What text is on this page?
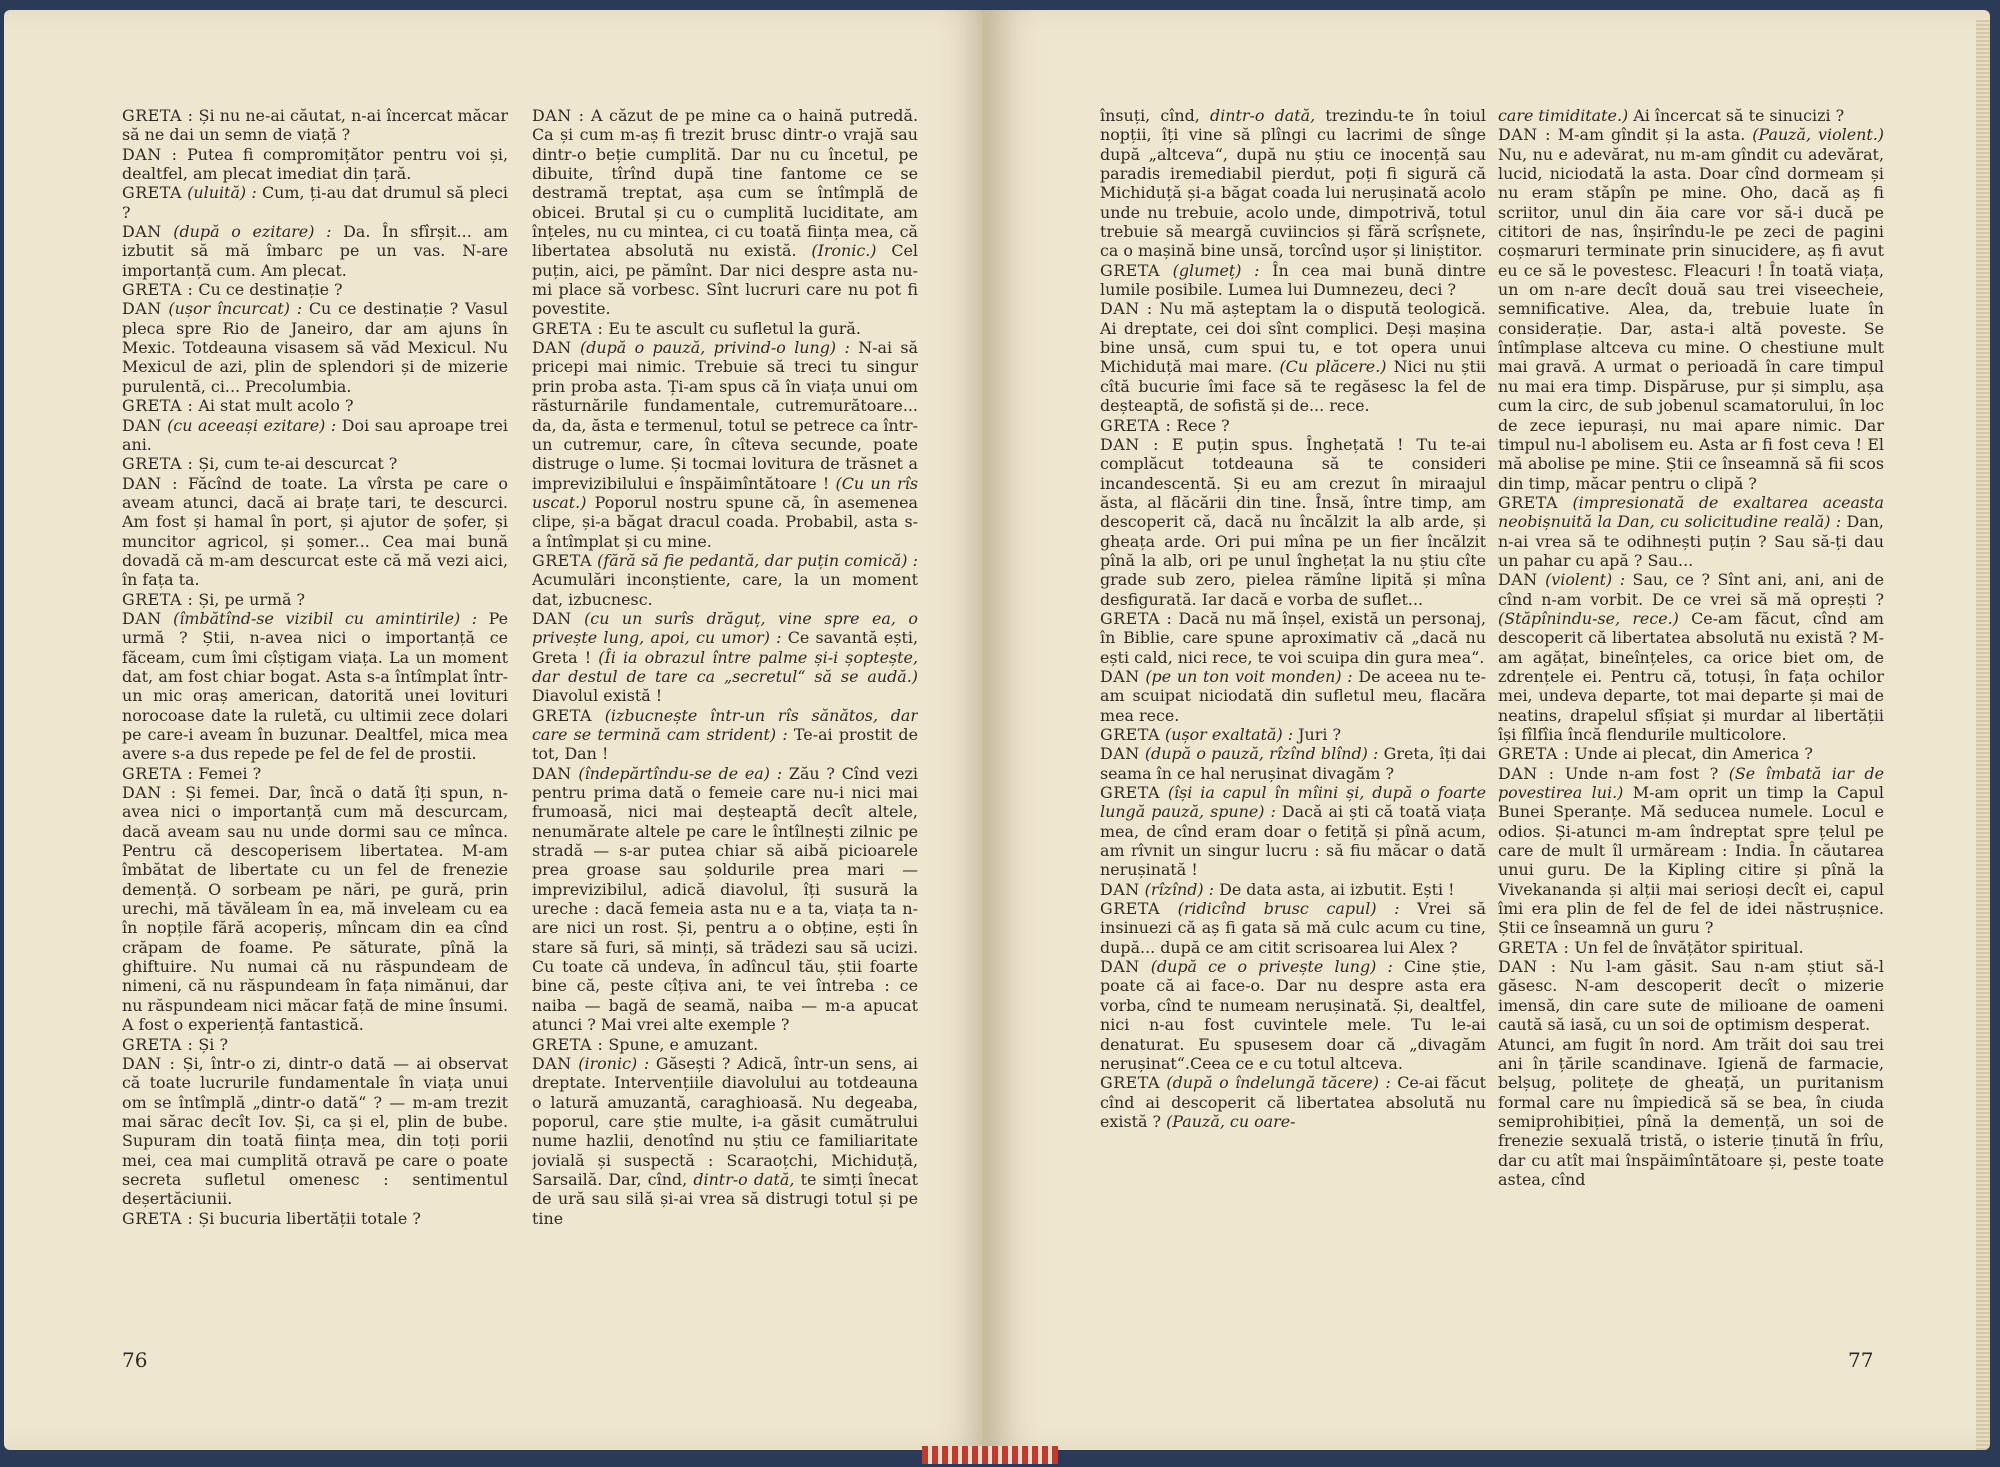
GRETA : Și nu ne-ai căutat, n-ai încercat măcar să ne dai un semn de viață ?

DAN : Putea fi compromițător pentru voi și, dealtfel, am plecat imediat din țară.

GRETA (uluită) : Cum, ți-au dat drumul să pleci ?

DAN (după o ezitare) : Da. În sfîrșit... am izbutit să mă îmbarc pe un vas. N-are importanță cum. Am plecat.

GRETA : Cu ce destinație ?

DAN (ușor încurcat) : Cu ce destinație ? Vasul pleca spre Rio de Janeiro, dar am ajuns în Mexic. Totdeauna visasem să văd Mexicul. Nu Mexicul de azi, plin de splendori și de mizerie purulentă, ci... Precolumbia.

GRETA : Ai stat mult acolo ?

DAN (cu aceeași ezitare) : Doi sau aproape trei ani.

GRETA : Și, cum te-ai descurcat ?

DAN : Făcînd de toate. La vîrsta pe care o aveam atunci, dacă ai brațe tari, te descurci. Am fost și hamal în port, și ajutor de șofer, și muncitor agricol, și șomer... Cea mai bună dovadă că m-am descurcat este că mă vezi aici, în fața ta.

GRETA : Și, pe urmă ?

DAN (îmbătînd-se vizibil cu amintirile) : Pe urmă ? Știi, n-avea nici o importanță ce făceam, cum îmi cîștigam viața. La un moment dat, am fost chiar bogat. Asta s-a întîmplat într-un mic oraș american, datorită unei lovituri norocoase date la ruletă, cu ultimii zece dolari pe care-i aveam în buzunar. Dealtfel, mica mea avere s-a dus repede pe fel de fel de prostii.

GRETA : Femei ?

DAN : Și femei. Dar, încă o dată îți spun, n-avea nici o importanță cum mă descurcam, dacă aveam sau nu unde dormi sau ce mînca. Pentru că descoperisem libertatea. M-am îmbătat de libertate cu un fel de frenezie demențǎ. O sorbeam pe nări, pe gură, prin urechi, mă tăvăleam în ea, mă inveleam cu ea în nopțile fără acoperiș, mîncam din ea cînd crăpam de foame. Pe săturate, pînă la ghiftuire. Nu numai că nu răspundeam de nimeni, că nu răspundeam în fața nimănui, dar nu răspundeam nici măcar față de mine însumi. A fost o experiență fantastică.

GRETA : Și ?

DAN : Și, într-o zi, dintr-o dată — ai observat că toate lucrurile fundamentale în viața unui om se întîmplă „dintr-o dată“ ? — m-am trezit mai sărac decît Iov. Și, ca și el, plin de bube. Supuram din toată ființa mea, din toți porii mei, cea mai cumplită otravă pe care o poate secreta sufletul omenesc : sentimentul deșertăciunii.

GRETA : Și bucuria libertății totale ?

DAN : A căzut de pe mine ca o haină putredă. Ca și cum m-aș fi trezit brusc dintr-o vrajă sau dintr-o beție cumplită. Dar nu cu încetul, pe dibuite, tîrînd după tine fantome ce se destramă treptat, așa cum se întîmplă de obicei. Brutal și cu o cumplită luciditate, am înțeles, nu cu mintea, ci cu toată ființa mea, că libertatea absolută nu există. (Ironic.) Cel puțin, aici, pe pămînt. Dar nici despre asta nu-mi place să vorbesc. Sînt lucruri care nu pot fi povestite.

GRETA : Eu te ascult cu sufletul la gură.

DAN (după o pauză, privind-o lung) : N-ai să pricepi mai nimic. Trebuie să treci tu singur prin proba asta. Ți-am spus că în viața unui om răsturnările fundamentale, cutremurătoare... da, da, ăsta e termenul, totul se petrece ca într-un cutremur, care, în cîteva secunde, poate distruge o lume. Și tocmai lovitura de trăsnet a imprevizibilului e înspăimîntătoare ! (Cu un rîs uscat.) Poporul nostru spune că, în asemenea clipe, și-a băgat dracul coada. Probabil, asta s-a întîmplat și cu mine.

GRETA (fără să fie pedantă, dar puțin comică) : Acumulări inconștiente, care, la un moment dat, izbucnesc.

DAN (cu un surîs drăguț, vine spre ea, o privește lung, apoi, cu umor) : Ce savantă ești, Greta ! (Îi ia obrazul între palme și-i șoptește, dar destul de tare ca „secretul“ să se audă.) Diavolul există !

GRETA (izbucnește într-un rîs sănătos, dar care se termină cam strident) : Te-ai prostit de tot, Dan !

DAN (îndepărtîndu-se de ea) : Zău ? Cînd vezi pentru prima dată o femeie care nu-i nici mai frumoasă, nici mai deșteaptă decît altele, nenumărate altele pe care le întîlnești zilnic pe stradă — s-ar putea chiar să aibă picioarele prea groase sau șoldurile prea mari — imprevizibilul, adică diavolul, îți susură la ureche : dacă femeia asta nu e a ta, viața ta n-are nici un rost. Și, pentru a o obține, ești în stare să furi, să minți, să trădezi sau să ucizi. Cu toate că undeva, în adîncul tău, știi foarte bine că, peste cîțiva ani, te vei întreba : ce naiba — bagă de seamă, naiba — m-a apucat atunci ? Mai vrei alte exemple ?

GRETA : Spune, e amuzant.

DAN (ironic) : Găsești ? Adică, într-un sens, ai dreptate. Intervențiile diavolului au totdeauna o latură amuzantă, caraghioasă. Nu degeaba, poporul, care știe multe, i-a găsit cumătrului nume hazlii, denotînd nu știu ce familiaritate jovială și suspectă : Scaraoțchi, Michiduță, Sarsailă. Dar, cînd, dintr-o dată, te simți înecat de ură sau silă și-ai vrea să distrugi totul și pe tine

76

însuți, cînd, dintr-o dată, trezindu-te în toiul nopții, îți vine să plîngi cu lacrimi de sînge după „altceva“, după nu știu ce inocență sau paradis iremediabil pierdut, poți fi sigură că Michiduță și-a băgat coada lui nerușinată acolo unde nu trebuie, acolo unde, dimpotrivă, totul trebuie să meargă cuviincios și fără scrîșnete, ca o mașină bine unsă, torcînd ușor și liniștitor.

GRETA (glumeț) : În cea mai bună dintre lumile posibile. Lumea lui Dumnezeu, deci ?

DAN : Nu mă așteptam la o dispută teologică. Ai dreptate, cei doi sînt complici. Deși mașina bine unsă, cum spui tu, e tot opera unui Michiduță mai mare. (Cu plăcere.) Nici nu știi cîtă bucurie îmi face să te regăsesc la fel de deșteaptă, de sofistă și de... rece.

GRETA : Rece ?

DAN : E puțin spus. Înghețată ! Tu te-ai complăcut totdeauna să te consideri incandescentă. Și eu am crezut în miraajul ăsta, al flăcării din tine. Însă, între timp, am descoperit că, dacă nu încălzit la alb arde, și gheața arde. Ori pui mîna pe un fier încălzit pînă la alb, ori pe unul înghețat la nu știu cîte grade sub zero, pielea rămîne lipită și mîna desfigurată. Iar dacă e vorba de suflet...

GRETA : Dacă nu mă înșel, există un personaj, în Biblie, care spune aproximativ că „dacă nu ești cald, nici rece, te voi scuipa din gura mea“.

DAN (pe un ton voit monden) : De aceea nu te-am scuipat niciodată din sufletul meu, flacăra mea rece.

GRETA (ușor exaltată) : Juri ?

DAN (după o pauză, rîzînd blînd) : Greta, îți dai seama în ce hal nerușinat divagăm ?

GRETA (își ia capul în mîini și, după o foarte lungă pauză, spune) : Dacă ai ști că toată viața mea, de cînd eram doar o fetiță și pînă acum, am rîvnit un singur lucru : să fiu măcar o dată nerușinată !

DAN (rîzînd) : De data asta, ai izbutit. Ești !

GRETA (ridicînd brusc capul) : Vrei să insinuezi că aș fi gata să mă culc acum cu tine, după... după ce am citit scrisoarea lui Alex ?

DAN (după ce o privește lung) : Cine știe, poate că ai face-o. Dar nu despre asta era vorba, cînd te numeam nerușinată. Și, dealtfel, nici n-au fost cuvintele mele. Tu le-ai denaturat. Eu spusesem doar că „divagăm nerușinat“.Ceea ce e cu totul altceva.

GRETA (după o îndelungă tăcere) : Ce-ai făcut cînd ai descoperit că libertatea absolută nu există ? (Pauză, cu oare-

care timiditate.) Ai încercat să te sinucizi ?

DAN : M-am gîndit și la asta. (Pauză, violent.) Nu, nu e adevărat, nu m-am gîndit cu adevărat, lucid, niciodată la asta. Doar cînd dormeam și nu eram stăpîn pe mine. Oho, dacă aș fi scriitor, unul din ăia care vor să-i ducă pe cititori de nas, înșirîndu-le pe zeci de pagini coșmaruri terminate prin sinucidere, aș fi avut eu ce să le povestesc. Fleacuri ! În toată viața, un om n-are decît două sau trei viseecheie, semnificative. Alea, da, trebuie luate în considerație. Dar, asta-i altă poveste. Se întîmplase altceva cu mine. O chestiune mult mai gravă. A urmat o perioadă în care timpul nu mai era timp. Dispăruse, pur și simplu, așa cum la circ, de sub jobenul scamatorului, în loc de zece iepurași, nu mai apare nimic. Dar timpul nu-l abolisem eu. Asta ar fi fost ceva ! El mă abolise pe mine. Știi ce înseamnă să fii scos din timp, măcar pentru o clipă ?

GRETA (impresionată de exaltarea aceasta neobișnuită la Dan, cu solicitudine reală) : Dan, n-ai vrea să te odihnești puțin ? Sau să-ți dau un pahar cu apă ? Sau...

DAN (violent) : Sau, ce ? Sînt ani, ani, ani de cînd n-am vorbit. De ce vrei să mă oprești ? (Stăpînindu-se, rece.) Ce-am făcut, cînd am descoperit că libertatea absolută nu există ? M-am agățat, bineînțeles, ca orice biet om, de zdrențele ei. Pentru că, totuși, în fața ochilor mei, undeva departe, tot mai departe și mai de neatins, drapelul sfîșiat și murdar al libertății își fîlfîia încă flendurile multicolore.

GRETA : Unde ai plecat, din America ?

DAN : Unde n-am fost ? (Se îmbată iar de povestirea lui.) M-am oprit un timp la Capul Bunei Speranțe. Mă seducea numele. Locul e odios. Și-atunci m-am îndreptat spre țelul pe care de mult îl urmăream : India. În căutarea unui guru. De la Kipling citire și pînă la Vivekananda și alții mai serioși decît ei, capul îmi era plin de fel de fel de idei năstrușnice. Știi ce înseamnă un guru ?

GRETA : Un fel de învățător spiritual.

DAN : Nu l-am găsit. Sau n-am știut să-l găsesc. N-am descoperit decît o mizerie imensă, din care sute de milioane de oameni caută să iasă, cu un soi de optimism desperat.

Atunci, am fugit în nord. Am trăit doi sau trei ani în țările scandinave. Igienă de farmacie, belșug, politețe de gheață, un puritanism formal care nu împiedică să se bea, în ciuda semiprohibiției, pînă la demență, un soi de frenezie sexuală tristă, o isterie ținută în frîu, dar cu atît mai înspăimîntătoare și, peste toate astea, cînd

77
